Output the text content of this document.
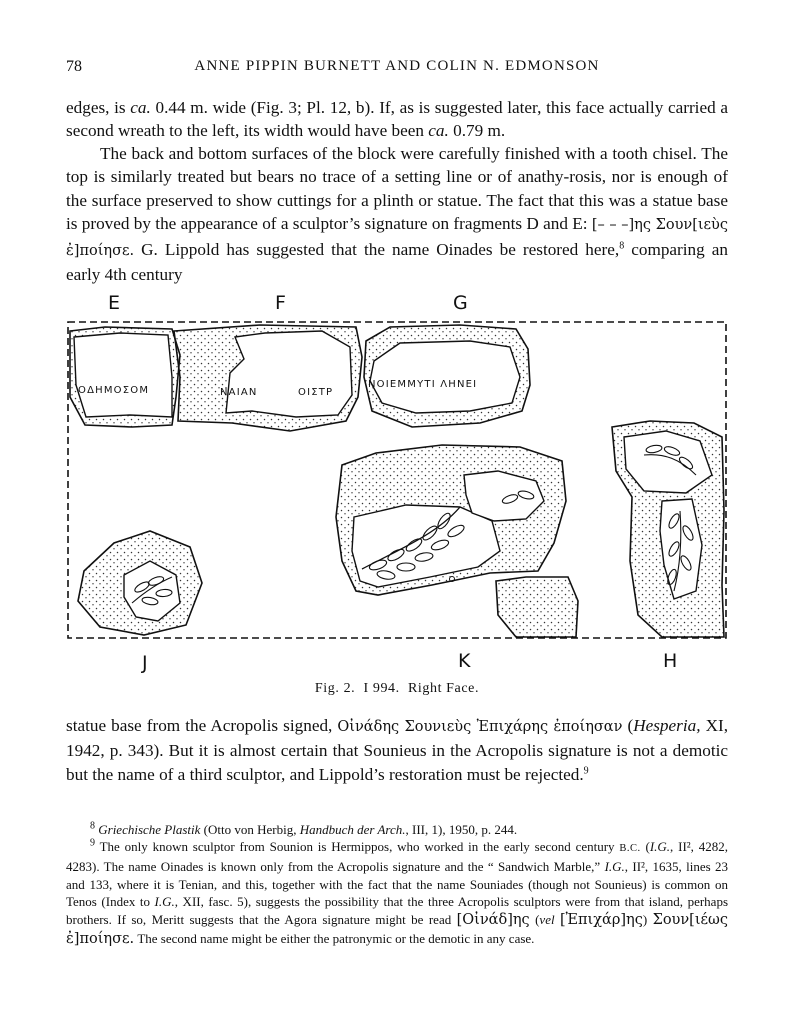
78	ANNE PIPPIN BURNETT AND COLIN N. EDMONSON

edges, is ca. 0.44 m. wide (Fig. 3; Pl. 12, b). If, as is suggested later, this face actually carried a second wreath to the left, its width would have been ca. 0.79 m.

The back and bottom surfaces of the block were carefully finished with a tooth chisel. The top is similarly treated but bears no trace of a setting line or of anathy-rosis, nor is enough of the surface preserved to show cuttings for a plinth or statue. The fact that this was a statue base is proved by the appearance of a sculptor’s signature on fragments D and E: [– – –]ης Σουν[ιεὺς ἐ]ποίησε. G. Lippold has suggested that the name Oinades be restored here,$^8$ comparing an early 4th century

E	F	G
J	K	H
ΟΔΗΜΟΣΟΜ	ΝΑΙΑΝ	ΟΙΣΤΡ
ΝΟΙΕΜΜΥΤΙ ΛΗΝΕΙ
Fig. 2. I 994. Right Face.

statue base from the Acropolis signed, Οἰνάδης Σουνιεὺς Ἐπιχάρης ἐποίησαν (Hesperia, XI, 1942, p. 343). But it is almost certain that Sounieus in the Acropolis signature is not a demotic but the name of a third sculptor, and Lippold’s restoration must be rejected.$^9$

$^8$ Griechische Plastik (Otto von Herbig, Handbuch der Arch., III, 1), 1950, p. 244.

$^9$ The only known sculptor from Sounion is Hermippos, who worked in the early second century B.C. (I.G., II², 4282, 4283). The name Oinades is known only from the Acropolis signature and the “ Sandwich Marble,” I.G., II², 1635, lines 23 and 133, where it is Tenian, and this, together with the fact that the name Souniades (though not Sounieus) is common on Tenos (Index to I.G., XII, fasc. 5), suggests the possibility that the three Acropolis sculptors were from that island, perhaps brothers. If so, Meritt suggests that the Agora signature might be read [Οἰνάδ]ης (vel [Ἐπιχάρ]ης) Σουν[ιέως ἐ]ποίησε. The second name might be either the patronymic or the demotic in any case.
